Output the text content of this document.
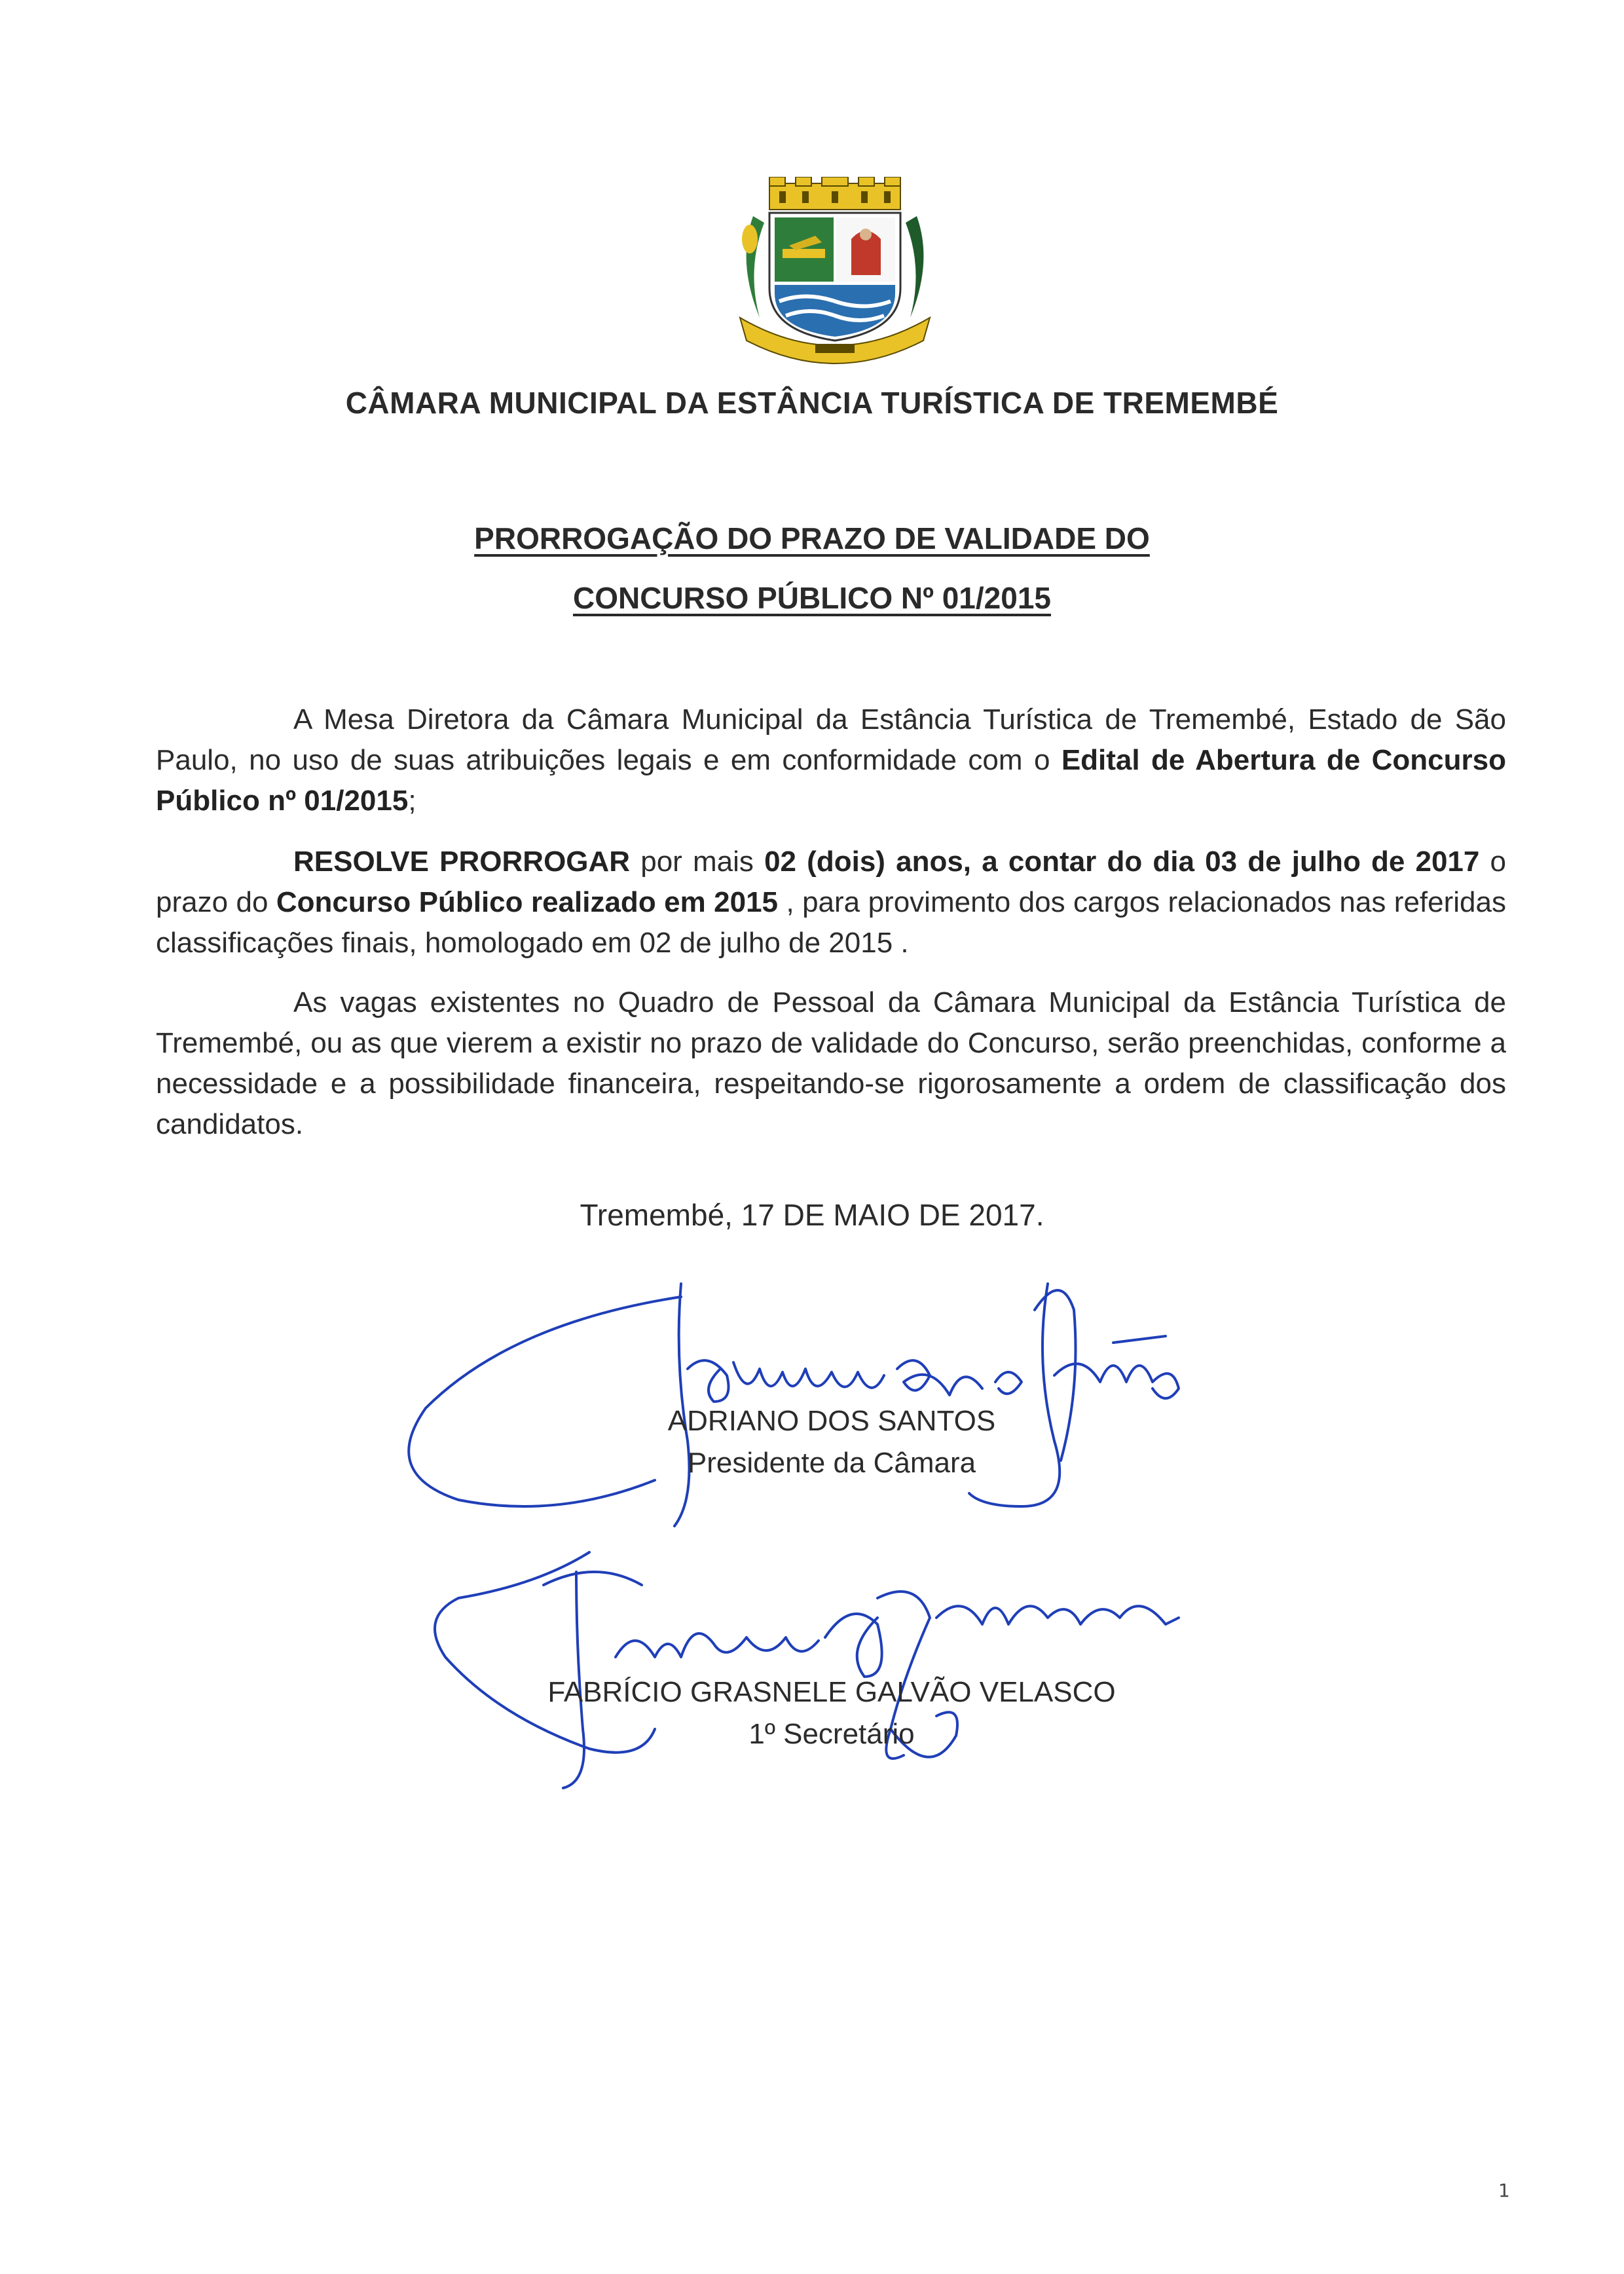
CÂMARA MUNICIPAL DA ESTÂNCIA TURÍSTICA DE TREMEMBÉ
PRORROGAÇÃO DO PRAZO DE VALIDADE DO
CONCURSO PÚBLICO Nº 01/2015
A Mesa Diretora da Câmara Municipal da Estância Turística de Tremembé, Estado de São Paulo, no uso de suas atribuições legais e em conformidade com o Edital de Abertura de Concurso Público nº 01/2015;
RESOLVE PRORROGAR por mais 02 (dois) anos, a contar do dia 03 de julho de 2017 o prazo do Concurso Público realizado em 2015 , para provimento dos cargos relacionados nas referidas classificações finais, homologado em 02 de julho de 2015 .
As vagas existentes no Quadro de Pessoal da Câmara Municipal da Estância Turística de Tremembé, ou as que vierem a existir no prazo de validade do Concurso, serão preenchidas, conforme a necessidade e a possibilidade financeira, respeitando-se rigorosamente a ordem de classificação dos candidatos.
Tremembé, 17 DE MAIO DE 2017.
ADRIANO DOS SANTOS
Presidente da Câmara
FABRÍCIO GRASNELE GALVÃO VELASCO
1º Secretário
1
